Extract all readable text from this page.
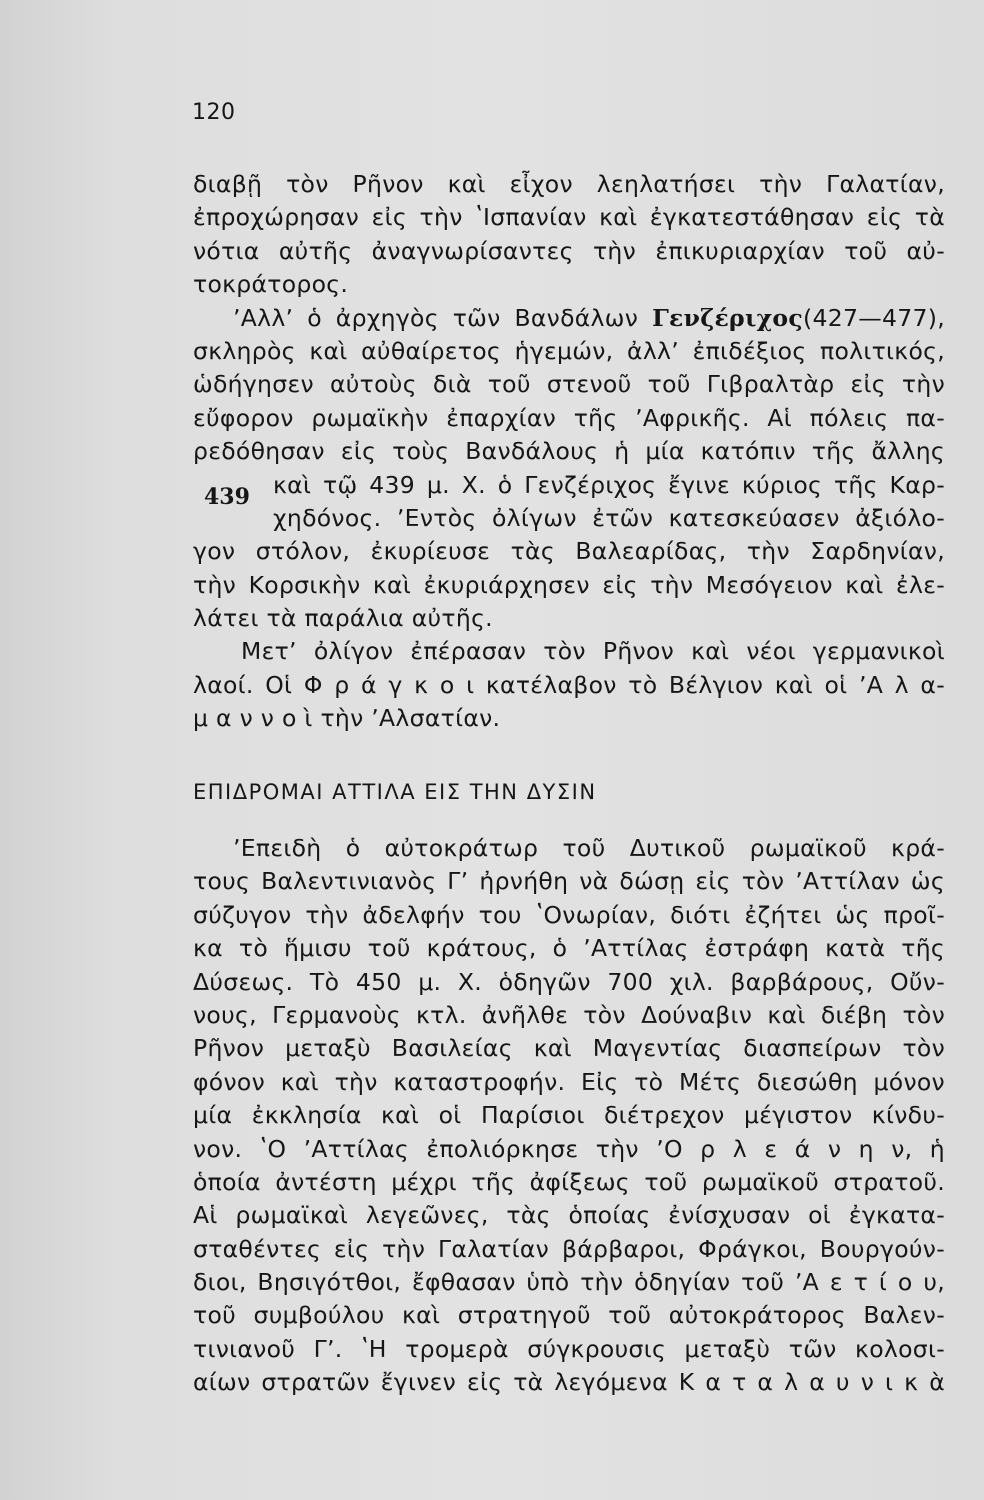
120
439
διαβῇ τὸν Ρῆνον καὶ εἶχον λεηλατήσει τὴν Γαλατίαν,
ἐπροχώρησαν εἰς τὴν ʽΙσπανίαν καὶ ἐγκατεστάθησαν εἰς τὰ
νότια αὐτῆς ἀναγνωρίσαντες τὴν ἐπικυριαρχίαν τοῦ αὐ-
τοκράτορος.
ʼΑλλʼ ὁ ἀρχηγὸς τῶν Βανδάλων Γενζέριχος(427—477),
σκληρὸς καὶ αὐθαίρετος ἡγεμών, ἀλλʼ ἐπιδέξιος πολιτικός,
ὡδήγησεν αὐτοὺς διὰ τοῦ στενοῦ τοῦ Γιβραλτὰρ εἰς τὴν
εὔφορον ρωμαϊκὴν ἐπαρχίαν τῆς ʼΑφρικῆς. Αἱ πόλεις πα-
ρεδόθησαν εἰς τοὺς Βανδάλους ἡ μία κατόπιν τῆς ἄλλης
καὶ τῷ 439 μ. Χ. ὁ Γενζέριχος ἔγινε κύριος τῆς Καρ-
χηδόνος. ʼΕντὸς ὀλίγων ἐτῶν κατεσκεύασεν ἀξιόλο-
γον στόλον, ἐκυρίευσε τὰς Βαλεαρίδας, τὴν Σαρδηνίαν,
τὴν Κορσικὴν καὶ ἐκυριάρχησεν εἰς τὴν Μεσόγειον καὶ ἐλε-
λάτει τὰ παράλια αὐτῆς.
Μετʼ ὀλίγον ἐπέρασαν τὸν Ρῆνον καὶ νέοι γερμανικοὶ
λαοί. Οἱ Φ ρ ά γ κ ο ι κατέλαβον τὸ Βέλγιον καὶ οἱ ʼΑ λ α-
μ α ν ν ο ὶ τὴν ʼΑλσατίαν.
ΕΠΙΔΡΟΜΑΙ ΑΤΤΙΛΑ ΕΙΣ ΤΗΝ ΔΥΣΙΝ
ʼΕπειδὴ ὁ αὐτοκράτωρ τοῦ Δυτικοῦ ρωμαϊκοῦ κρά-
τους Βαλεντινιανὸς Γʼ ἠρνήθη νὰ δώσῃ εἰς τὸν ʼΑττίλαν ὡς
σύζυγον τὴν ἀδελφήν του ʽΟνωρίαν, διότι ἐζήτει ὡς προῖ-
κα τὸ ἥμισυ τοῦ κράτους, ὁ ʼΑττίλας ἐστράφη κατὰ τῆς
Δύσεως. Τὸ 450 μ. Χ. ὁδηγῶν 700 χιλ. βαρβάρους, Οὔν-
νους, Γερμανοὺς κτλ. ἀνῆλθε τὸν Δούναβιν καὶ διέβη τὸν
Ρῆνον μεταξὺ Βασιλείας καὶ Μαγεντίας διασπείρων τὸν
φόνον καὶ τὴν καταστροφήν. Εἰς τὸ Μέτς διεσώθη μόνον
μία ἐκκλησία καὶ οἱ Παρίσιοι διέτρεχον μέγιστον κίνδυ-
νον. ʽΟ ʼΑττίλας ἐπολιόρκησε τὴν ʼΟ ρ λ ε ά ν η ν, ἡ
ὁποία ἀντέστη μέχρι τῆς ἀφίξεως τοῦ ρωμαϊκοῦ στρατοῦ.
Αἱ ρωμαϊκαὶ λεγεῶνες, τὰς ὁποίας ἐνίσχυσαν οἱ ἐγκατα-
σταθέντες εἰς τὴν Γαλατίαν βάρβαροι, Φράγκοι, Βουργούν-
διοι, Βησιγότθοι, ἔφθασαν ὑπὸ τὴν ὁδηγίαν τοῦ ʼΑ ε τ ί ο υ,
τοῦ συμβούλου καὶ στρατηγοῦ τοῦ αὐτοκράτορος Βαλεν-
τινιανοῦ Γʼ. ʽΗ τρομερὰ σύγκρουσις μεταξὺ τῶν κολοσι-
αίων στρατῶν ἔγινεν εἰς τὰ λεγόμενα Κ α τ α λ α υ ν ι κ ὰ
